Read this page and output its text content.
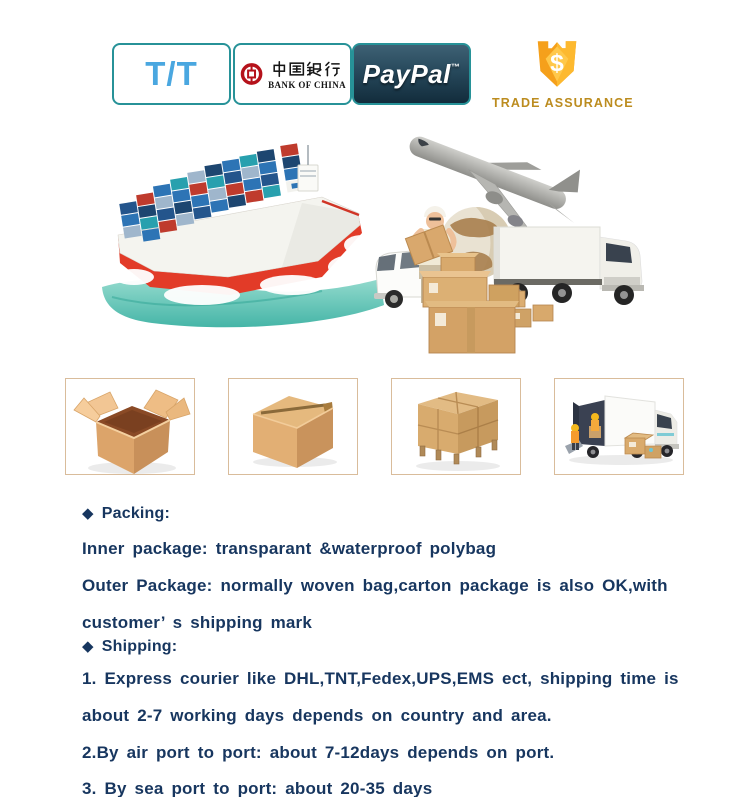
T/T	BANK OF CHINA PayPal™	$
TRADE ASSURANCE
◆ Packing:
Inner package: transparant &waterproof polybag
Outer Package: normally woven bag,carton package is also OK,with
customer’ s shipping mark
◆ Shipping:
1. Express courier like DHL,TNT,Fedex,UPS,EMS ect, shipping time is
about 2-7 working days depends on country and area.
2.By air port to port: about 7-12days depends on port.
3. By sea port to port: about 20-35 days
